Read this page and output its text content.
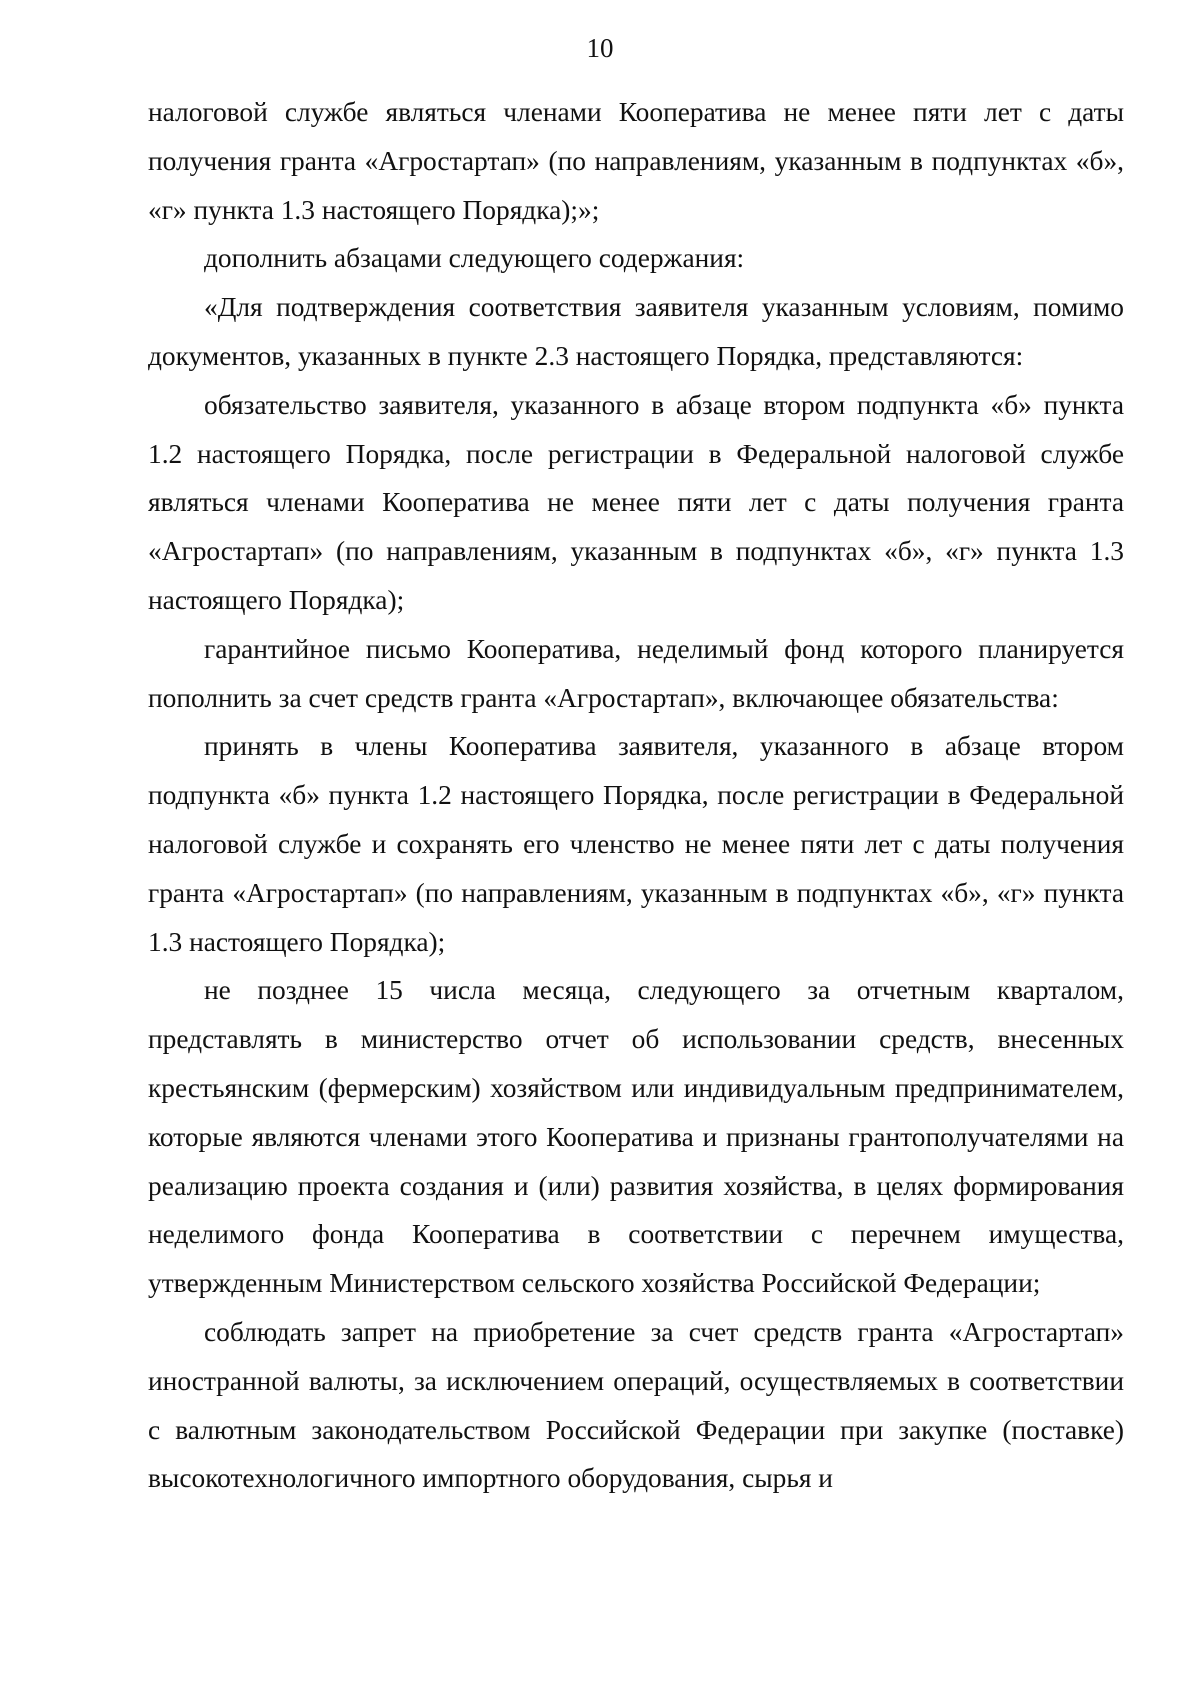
10

налоговой службе являться членами Кооператива не менее пяти лет с даты получения гранта «Агростартап» (по направлениям, указанным в подпунктах «б», «г» пункта 1.3 настоящего Порядка);»;

дополнить абзацами следующего содержания:

«Для подтверждения соответствия заявителя указанным условиям, помимо документов, указанных в пункте 2.3 настоящего Порядка, представляются:

обязательство заявителя, указанного в абзаце втором подпункта «б» пункта 1.2 настоящего Порядка, после регистрации в Федеральной налоговой службе являться членами Кооператива не менее пяти лет с даты получения гранта «Агростартап» (по направлениям, указанным в подпунктах «б», «г» пункта 1.3 настоящего Порядка);

гарантийное письмо Кооператива, неделимый фонд которого планируется пополнить за счет средств гранта «Агростартап», включающее обязательства:

принять в члены Кооператива заявителя, указанного в абзаце втором подпункта «б» пункта 1.2 настоящего Порядка, после регистрации в Федеральной налоговой службе и сохранять его членство не менее пяти лет с даты получения гранта «Агростартап» (по направлениям, указанным в подпунктах «б», «г» пункта 1.3 настоящего Порядка);

не позднее 15 числа месяца, следующего за отчетным кварталом, представлять в министерство отчет об использовании средств, внесенных крестьянским (фермерским) хозяйством или индивидуальным предпринимателем, которые являются членами этого Кооператива и признаны грантополучателями на реализацию проекта создания и (или) развития хозяйства, в целях формирования неделимого фонда Кооператива в соответствии с перечнем имущества, утвержденным Министерством сельского хозяйства Российской Федерации;

соблюдать запрет на приобретение за счет средств гранта «Агростартап» иностранной валюты, за исключением операций, осуществляемых в соответствии с валютным законодательством Российской Федерации при закупке (поставке) высокотехнологичного импортного оборудования, сырья и
